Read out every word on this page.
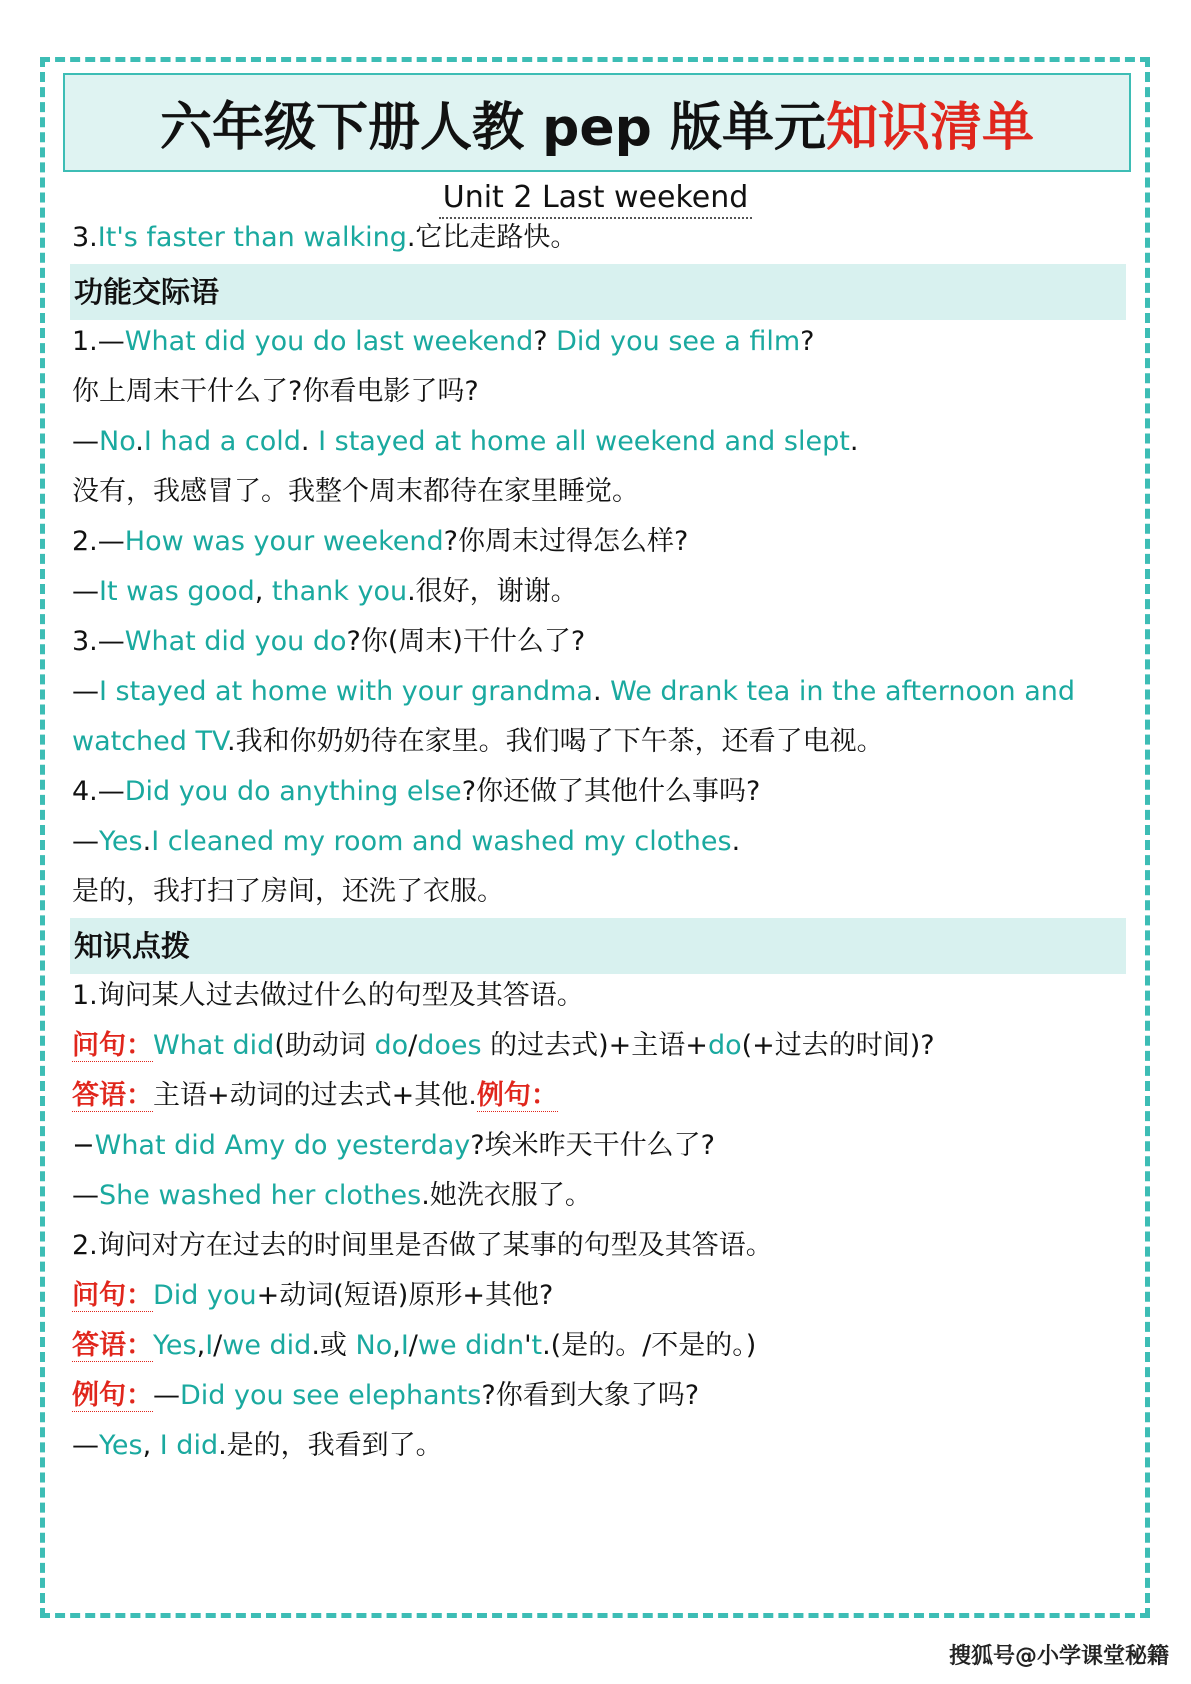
六年级下册人教 pep 版单元 知识清单
Unit 2 Last weekend
3.It's faster than walking.它比走路快。
功能交际语
1.—What did you do last weekend? Did you see a film?
你上周末干什么了?你看电影了吗?
—No.I had a cold. I stayed at home all weekend and slept.
没有，我感冒了。我整个周末都待在家里睡觉。
2.—How was your weekend?你周末过得怎么样?
—It was good, thank you.很好，谢谢。
3.—What did you do?你(周末)干什么了?
—I stayed at home with your grandma. We drank tea in the afternoon and
watched TV.我和你奶奶待在家里。我们喝了下午茶，还看了电视。
4.—Did you do anything else?你还做了其他什么事吗?
—Yes.I cleaned my room and washed my clothes.
是的，我打扫了房间，还洗了衣服。
知识点拨
1.询问某人过去做过什么的句型及其答语。
问句：What did(助动词 do/does 的过去式)+主语+do(+过去的时间)?
答语：主语+动词的过去式+其他.例句：
−What did Amy do yesterday?埃米昨天干什么了?
—She washed her clothes.她洗衣服了。
2.询问对方在过去的时间里是否做了某事的句型及其答语。
问句：Did you+动词(短语)原形+其他?
答语：Yes,I/we did.或 No,I/we didn't.(是的。/不是的。)
例句：—Did you see elephants?你看到大象了吗?
—Yes, I did.是的，我看到了。
搜狐号@小学课堂秘籍
